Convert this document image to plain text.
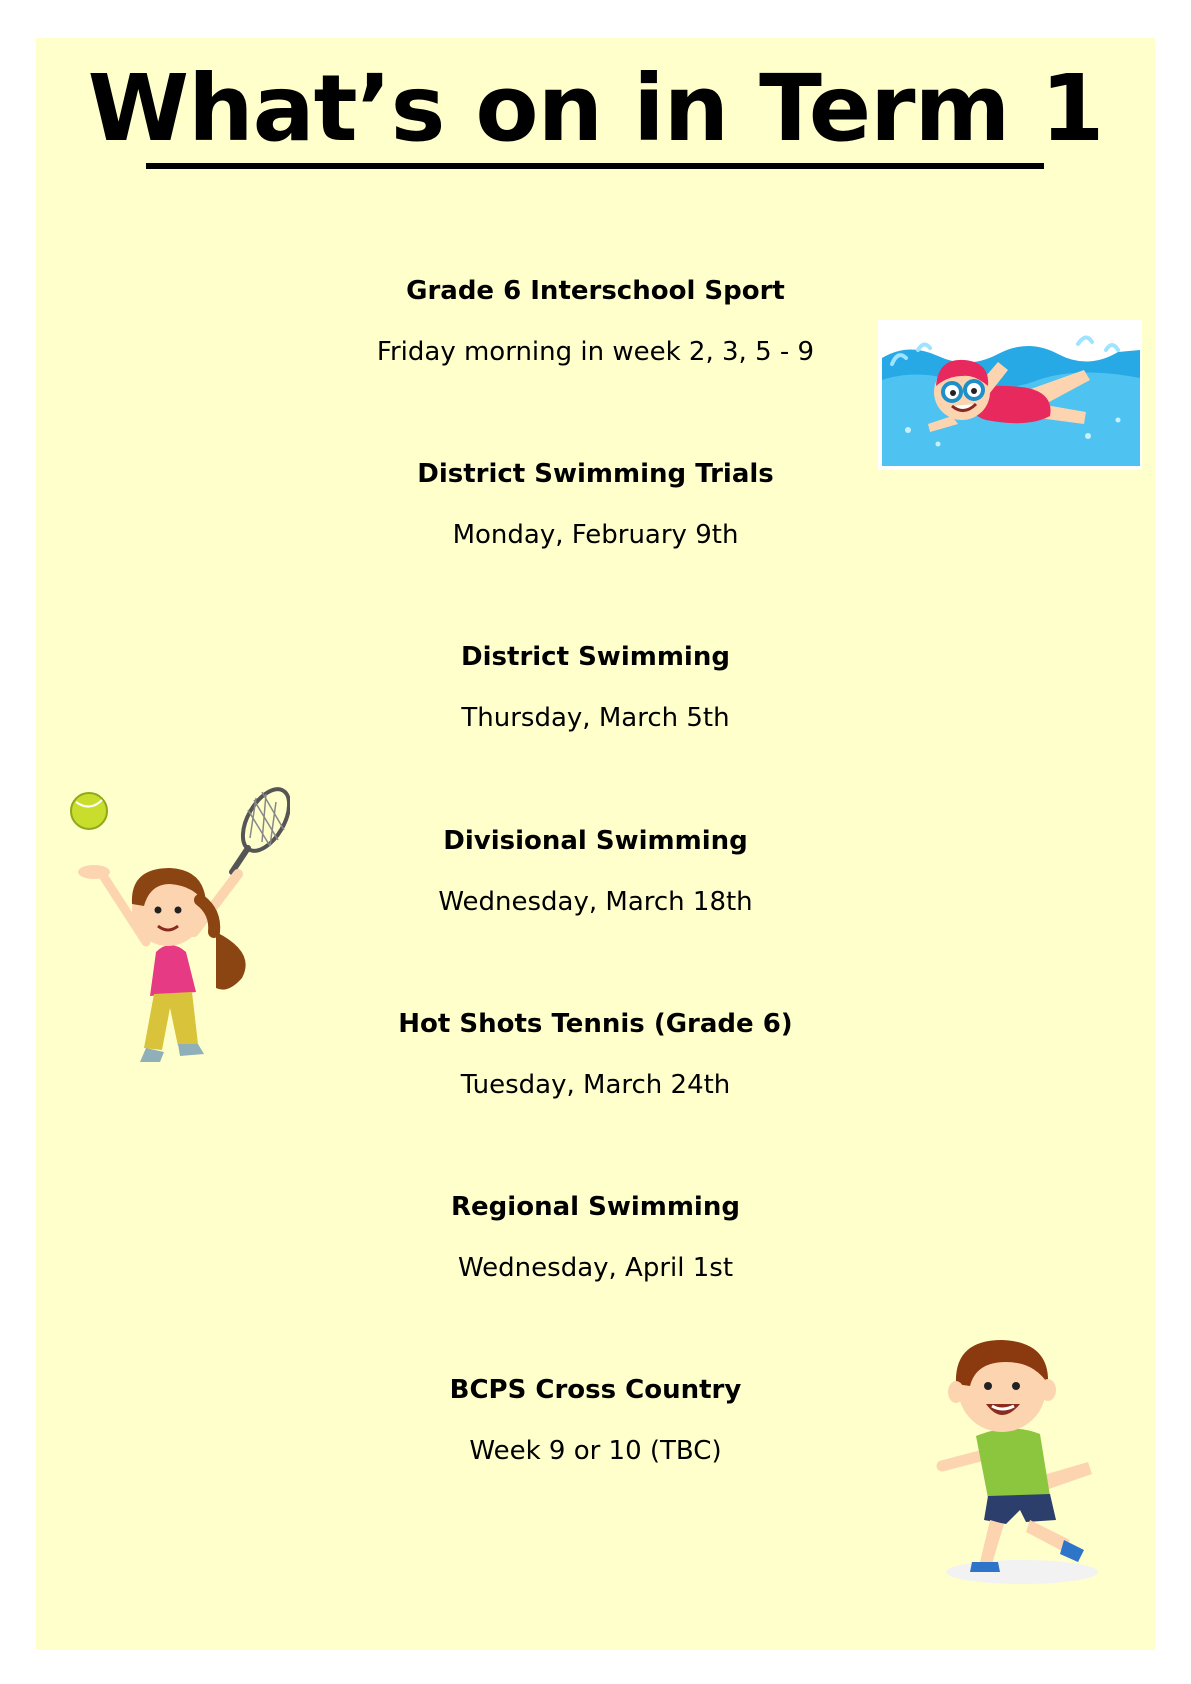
What’s on in Term 1
Grade 6 Interschool Sport
Friday morning in week 2, 3, 5 - 9
District Swimming Trials
Monday, February 9th
District Swimming
Thursday, March 5th
Divisional Swimming
Wednesday, March 18th
Hot Shots Tennis (Grade 6)
Tuesday, March 24th
Regional Swimming
Wednesday, April 1st
BCPS Cross Country
Week 9 or 10 (TBC)
